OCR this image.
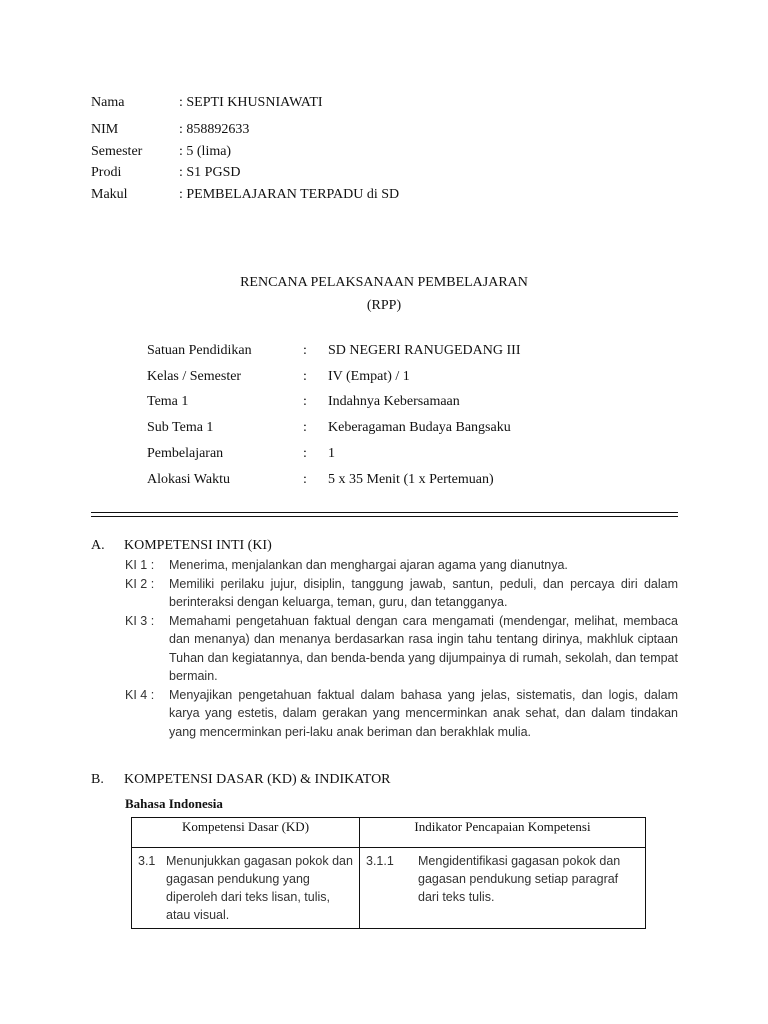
Nama	: SEPTI KHUSNIAWATI
NIM	: 858892633
Semester	: 5 (lima)
Prodi	: S1 PGSD
Makul	: PEMBELAJARAN TERPADU di SD
RENCANA PELAKSANAAN PEMBELAJARAN
(RPP)
Satuan Pendidikan	:	SD NEGERI RANUGEDANG III
Kelas / Semester	:	IV (Empat) / 1
Tema 1	:	Indahnya Kebersamaan
Sub Tema 1	:	Keberagaman Budaya Bangsaku
Pembelajaran	:	1
Alokasi Waktu	:	5 x 35 Menit (1 x Pertemuan)
A.	KOMPETENSI INTI (KI)
KI 1 :	Menerima, menjalankan dan menghargai ajaran agama yang dianutnya.
KI 2 :	Memiliki perilaku jujur, disiplin, tanggung jawab, santun, peduli, dan percaya diri dalam berinteraksi dengan keluarga, teman, guru, dan tetangganya.
KI 3 :	Memahami pengetahuan faktual dengan cara mengamati (mendengar, melihat, membaca dan menanya) dan menanya berdasarkan rasa ingin tahu tentang dirinya, makhluk ciptaan Tuhan dan kegiatannya, dan benda-benda yang dijumpainya di rumah, sekolah, dan tempat bermain.
KI 4 :	Menyajikan pengetahuan faktual dalam bahasa yang jelas, sistematis, dan logis, dalam karya yang estetis, dalam gerakan yang mencerminkan anak sehat, dan dalam tindakan yang mencerminkan peri-laku anak beriman dan berakhlak mulia.
B.	KOMPETENSI DASAR (KD) & INDIKATOR
Bahasa Indonesia
Kompetensi Dasar (KD)	Indikator Pencapaian Kompetensi

3.1 Menunjukkan gagasan pokok dan gagasan pendukung yang diperoleh dari teks lisan, tulis, atau visual.	3.1.1 Mengidentifikasi gagasan pokok dan gagasan pendukung setiap paragraf dari teks tulis.
